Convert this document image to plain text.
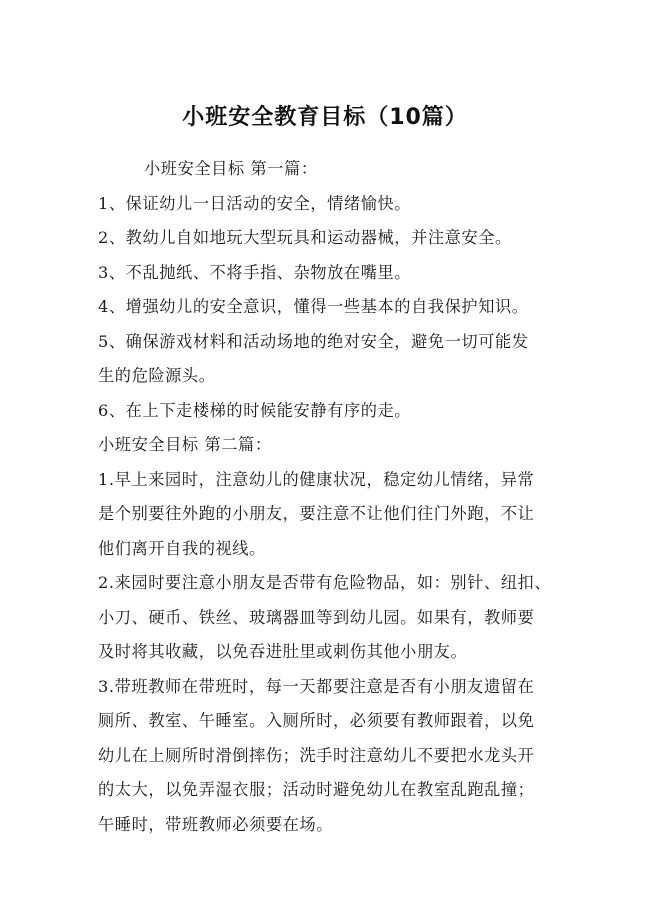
小班安全教育目标（10篇）

小班安全目标 第一篇：

1、保证幼儿一日活动的安全，情绪愉快。

2、教幼儿自如地玩大型玩具和运动器械，并注意安全。

3、不乱抛纸、不将手指、杂物放在嘴里。

4、增强幼儿的安全意识，懂得一些基本的自我保护知识。

5、确保游戏材料和活动场地的绝对安全，避免一切可能发

生的危险源头。

6、在上下走楼梯的时候能安静有序的走。

小班安全目标 第二篇：

1.早上来园时，注意幼儿的健康状况，稳定幼儿情绪，异常

是个别要往外跑的小朋友，要注意不让他们往门外跑，不让

他们离开自我的视线。

2.来园时要注意小朋友是否带有危险物品，如：别针、纽扣、

小刀、硬币、铁丝、玻璃器皿等到幼儿园。如果有，教师要

及时将其收藏，以免吞进肚里或刺伤其他小朋友。

3.带班教师在带班时，每一天都要注意是否有小朋友遗留在

厕所、教室、午睡室。入厕所时，必须要有教师跟着，以免

幼儿在上厕所时滑倒摔伤；洗手时注意幼儿不要把水龙头开

的太大，以免弄湿衣服；活动时避免幼儿在教室乱跑乱撞；

午睡时，带班教师必须要在场。
